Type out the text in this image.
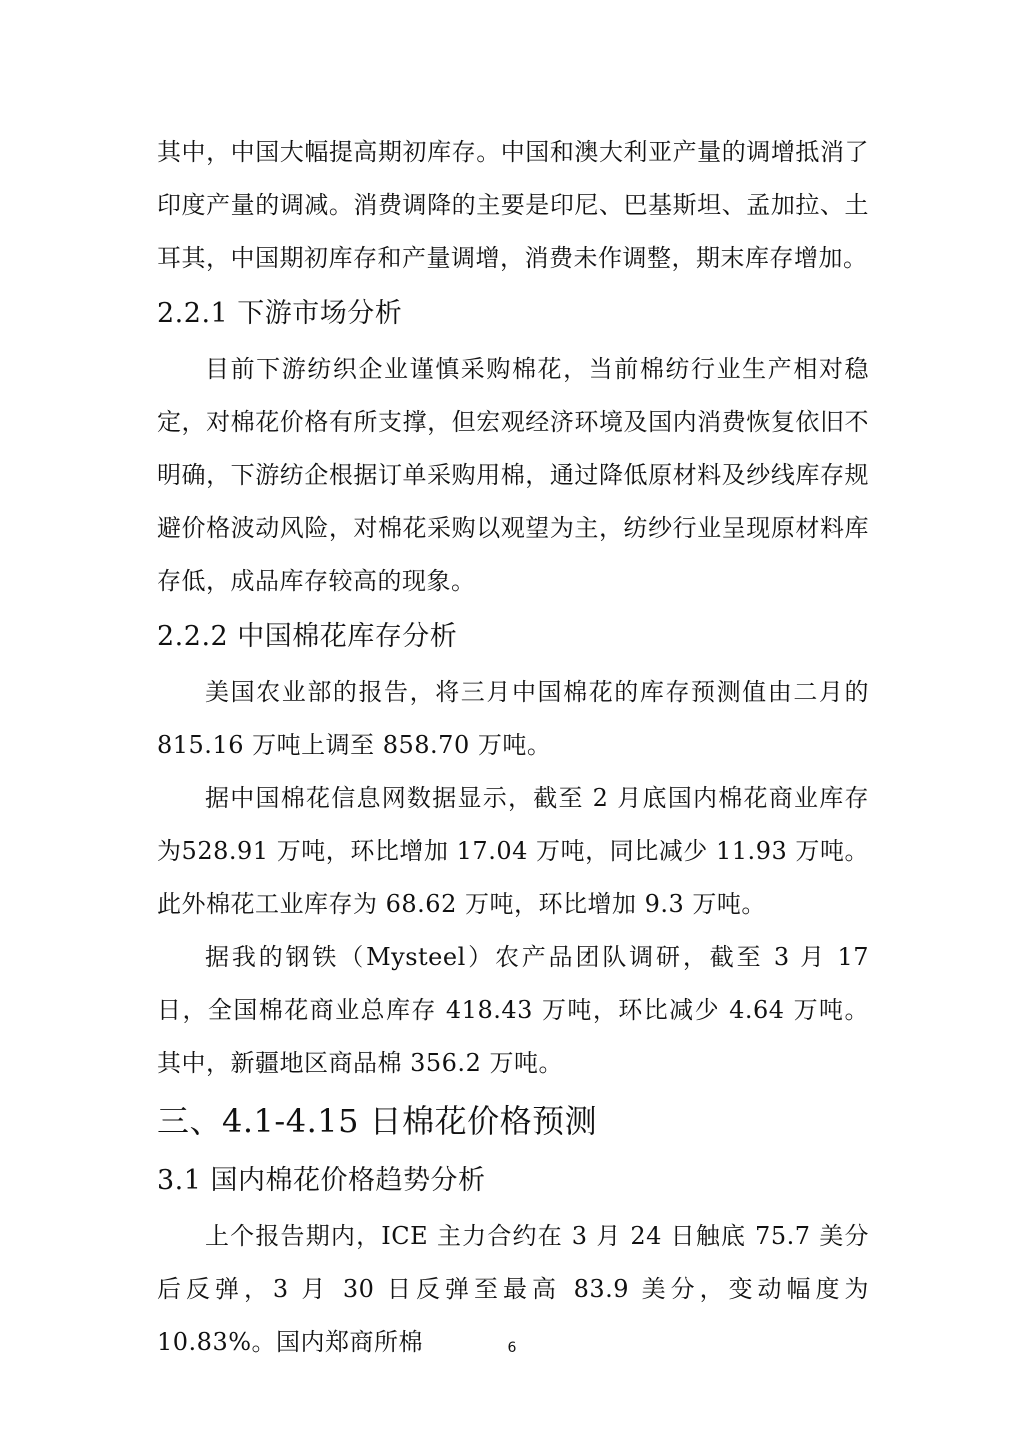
其中，中国大幅提高期初库存。中国和澳大利亚产量的调增抵消了印度产量的调减。消费调降的主要是印尼、巴基斯坦、孟加拉、土耳其，中国期初库存和产量调增，消费未作调整，期末库存增加。

2.2.1 下游市场分析

目前下游纺织企业谨慎采购棉花，当前棉纺行业生产相对稳定，对棉花价格有所支撑，但宏观经济环境及国内消费恢复依旧不明确，下游纺企根据订单采购用棉，通过降低原材料及纱线库存规避价格波动风险，对棉花采购以观望为主，纺纱行业呈现原材料库存低，成品库存较高的现象。

2.2.2 中国棉花库存分析

美国农业部的报告，将三月中国棉花的库存预测值由二月的815.16 万吨上调至 858.70 万吨。

据中国棉花信息网数据显示，截至 2 月底国内棉花商业库存为528.91 万吨，环比增加 17.04 万吨，同比减少 11.93 万吨。此外棉花工业库存为 68.62 万吨，环比增加 9.3 万吨。

据我的钢铁（Mysteel）农产品团队调研，截至 3 月 17 日，全国棉花商业总库存 418.43 万吨，环比减少 4.64 万吨。其中，新疆地区商品棉 356.2 万吨。

三、4.1-4.15 日棉花价格预测
3.1 国内棉花价格趋势分析

上个报告期内，ICE 主力合约在 3 月 24 日触底 75.7 美分后反弹，3 月 30 日反弹至最高 83.9 美分，变动幅度为 10.83%。国内郑商所棉	6
